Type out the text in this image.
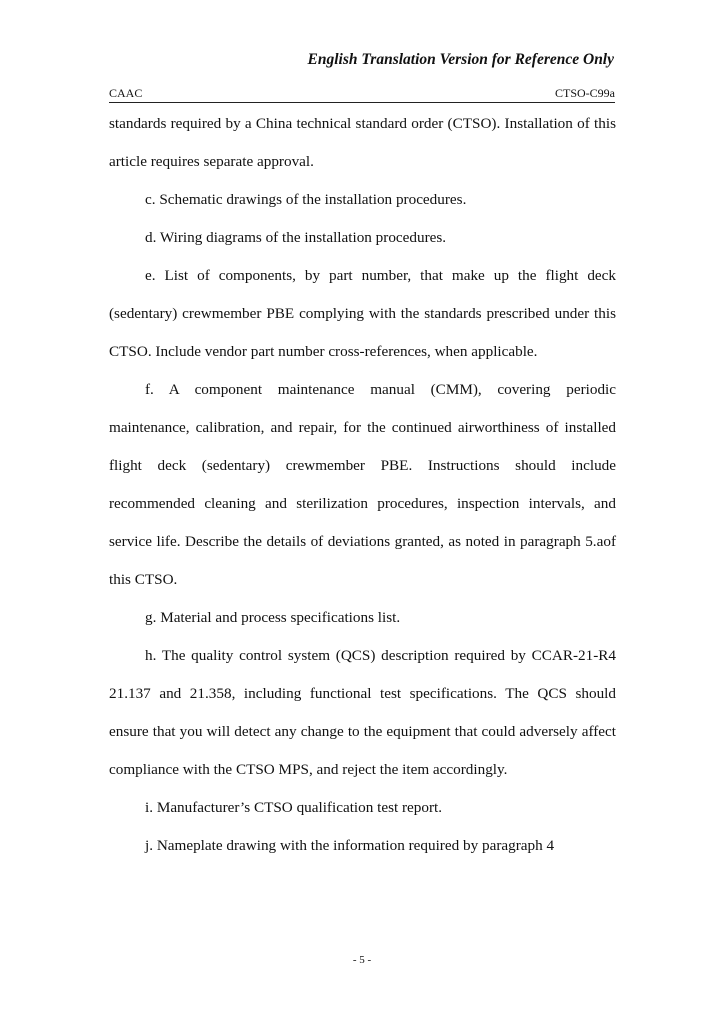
English Translation Version for Reference Only
CAAC	CTSO-C99a

standards required by a China technical standard order (CTSO). Installation of this article requires separate approval.

c. Schematic drawings of the installation procedures.

d. Wiring diagrams of the installation procedures.

e. List of components, by part number, that make up the flight deck (sedentary) crewmember PBE complying with the standards prescribed under this CTSO. Include vendor part number cross-references, when applicable.

f. A component maintenance manual (CMM), covering periodic maintenance, calibration, and repair, for the continued airworthiness of installed flight deck (sedentary) crewmember PBE. Instructions should include recommended cleaning and sterilization procedures, inspection intervals, and service life. Describe the details of deviations granted, as noted in paragraph 5.aof this CTSO.

g. Material and process specifications list.

h. The quality control system (QCS) description required by CCAR-21-R4 21.137 and 21.358, including functional test specifications. The QCS should ensure that you will detect any change to the equipment that could adversely affect compliance with the CTSO MPS, and reject the item accordingly.

i. Manufacturer’s CTSO qualification test report.

j. Nameplate drawing with the information required by paragraph 4

- 5 -
